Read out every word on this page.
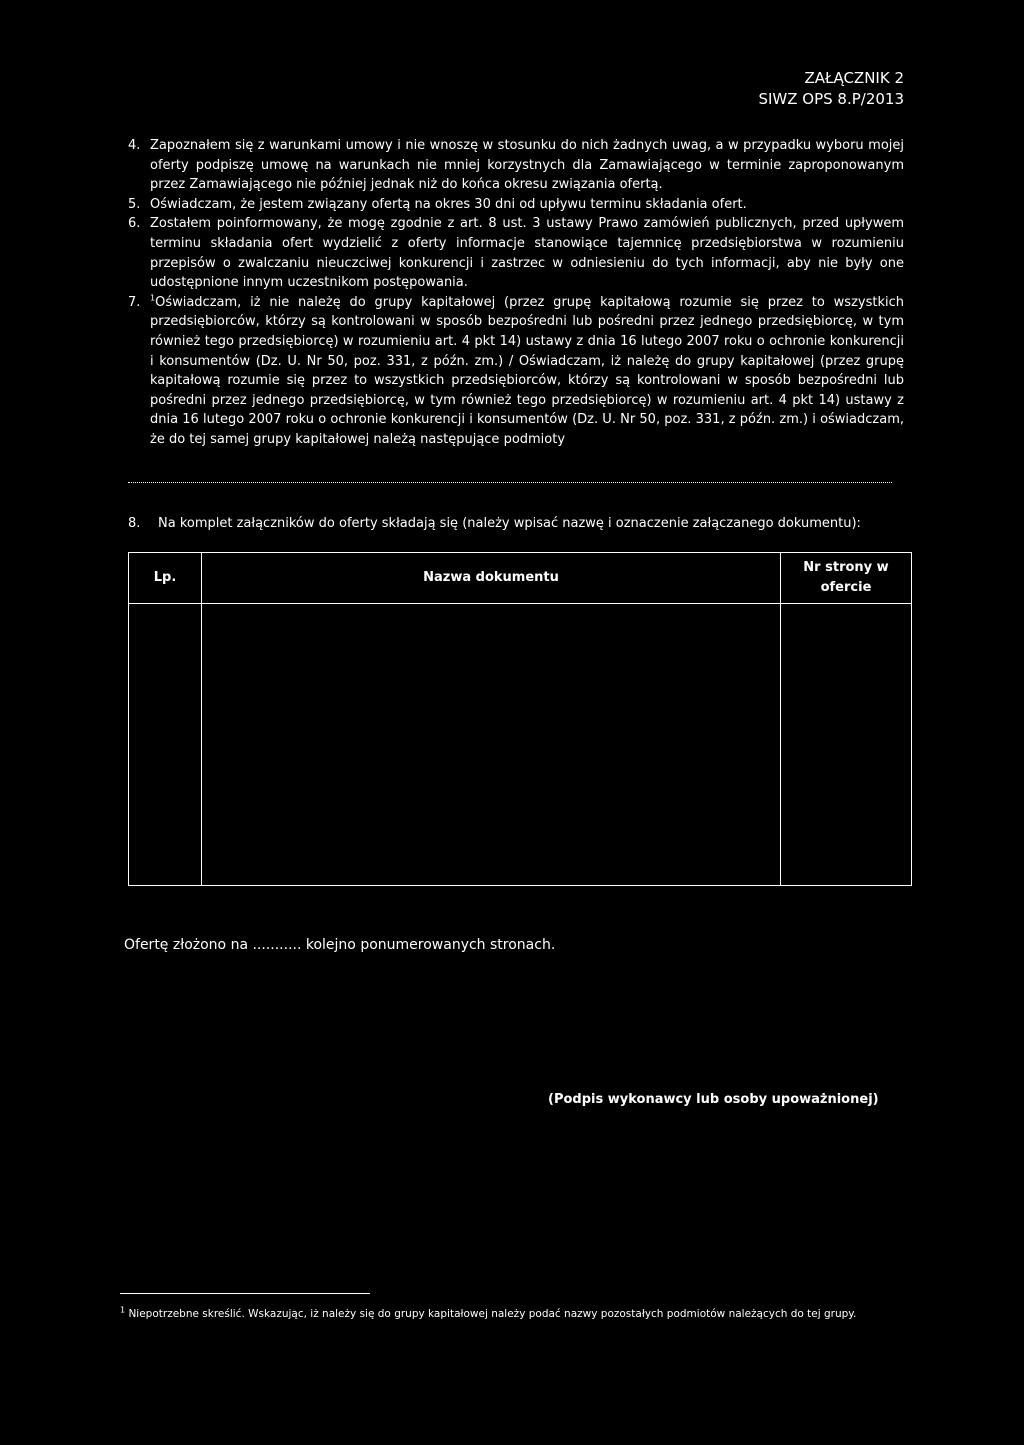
ZAŁĄCZNIK 2
SIWZ OPS 8.P/2013
4. Zapoznałem się z warunkami umowy i nie wnoszę w stosunku do nich żadnych uwag, a w przypadku wyboru mojej oferty podpiszę umowę na warunkach nie mniej korzystnych dla Zamawiającego w terminie zaproponowanym przez Zamawiającego nie później jednak niż do końca okresu związania ofertą.
5. Oświadczam, że jestem związany ofertą na okres 30 dni od upływu terminu składania ofert.
6. Zostałem poinformowany, że mogę zgodnie z art. 8 ust. 3 ustawy Prawo zamówień publicznych, przed upływem terminu składania ofert wydzielić z oferty informacje stanowiące tajemnicę przedsiębiorstwa w rozumieniu przepisów o zwalczaniu nieuczciwej konkurencji i zastrzec w odniesieniu do tych informacji, aby nie były one udostępnione innym uczestnikom postępowania.
7.	$^1$Oświadczam, iż nie należę do grupy kapitałowej (przez grupę kapitałową rozumie się przez to wszystkich przedsiębiorców, którzy są kontrolowani w sposób bezpośredni lub pośredni przez jednego przedsiębiorcę, w tym również tego przedsiębiorcę) w rozumieniu art. 4 pkt 14) ustawy z dnia 16 lutego 2007 roku o ochronie konkurencji i konsumentów (Dz. U. Nr 50, poz. 331, z późn. zm.) / Oświadczam, iż należę do grupy kapitałowej (przez grupę kapitałową rozumie się przez to wszystkich przedsiębiorców, którzy są kontrolowani w sposób bezpośredni lub pośredni przez jednego przedsiębiorcę, w tym również tego przedsiębiorcę) w rozumieniu art. 4 pkt 14) ustawy z dnia 16 lutego 2007 roku o ochronie konkurencji i konsumentów (Dz. U. Nr 50, poz. 331, z późn. zm.) i oświadczam, że do tej samej grupy kapitałowej należą następujące podmioty
8.	Na komplet załączników do oferty składają się (należy wpisać nazwę i oznaczenie załączanego dokumentu):
Lp.	Nazwa dokumentu	Nr strony w ofercie

Ofertę złożono na ........... kolejno ponumerowanych stronach.
(Podpis wykonawcy lub osoby upoważnionej)
$^1$ Niepotrzebne skreślić. Wskazując, iż należy się do grupy kapitałowej należy podać nazwy pozostałych podmiotów należących do tej grupy.
